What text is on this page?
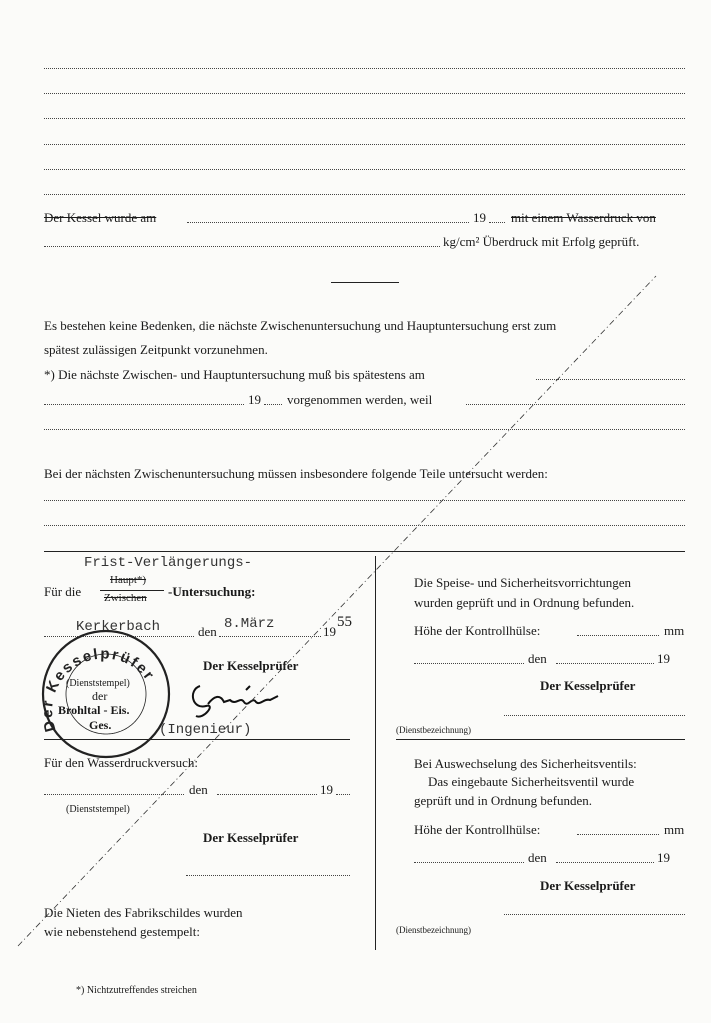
Der Kessel wurde am	19 mit einem Wasserdruck von
kg/cm² Überdruck mit Erfolg geprüft.
Es bestehen keine Bedenken, die nächste Zwischenuntersuchung und Hauptuntersuchung erst zum
spätest zulässigen Zeitpunkt vorzunehmen.
*) Die nächste Zwischen- und Hauptuntersuchung muß bis spätestens am
19 vorgenommen werden, weil
Bei der nächsten Zwischenuntersuchung müssen insbesondere folgende Teile untersucht werden:
Frist-Verlängerungs-
Für die
Haupt*)
Zwischen -Untersuchung:
Kerkerbach	den 8.März	19
55
Der Kesselprüfer
Der Kesselprüfer
(Dienststempel)
der
Brohltal - Eis.
Ges.	(Ingenieur)
Für den Wasserdruckversuch:
den	19
(Dienststempel)
Der Kesselprüfer
Die Nieten des Fabrikschildes wurden
wie nebenstehend gestempelt:
Die Speise- und Sicherheitsvorrichtungen
wurden geprüft und in Ordnung befunden.
Höhe der Kontrollhülse:	mm
den	19
Der Kesselprüfer
(Dienstbezeichnung)
Bei Auswechselung des Sicherheitsventils:
Das eingebaute Sicherheitsventil wurde
geprüft und in Ordnung befunden.
Höhe der Kontrollhülse:	mm
den	19
Der Kesselprüfer
(Dienstbezeichnung)
*) Nichtzutreffendes streichen
